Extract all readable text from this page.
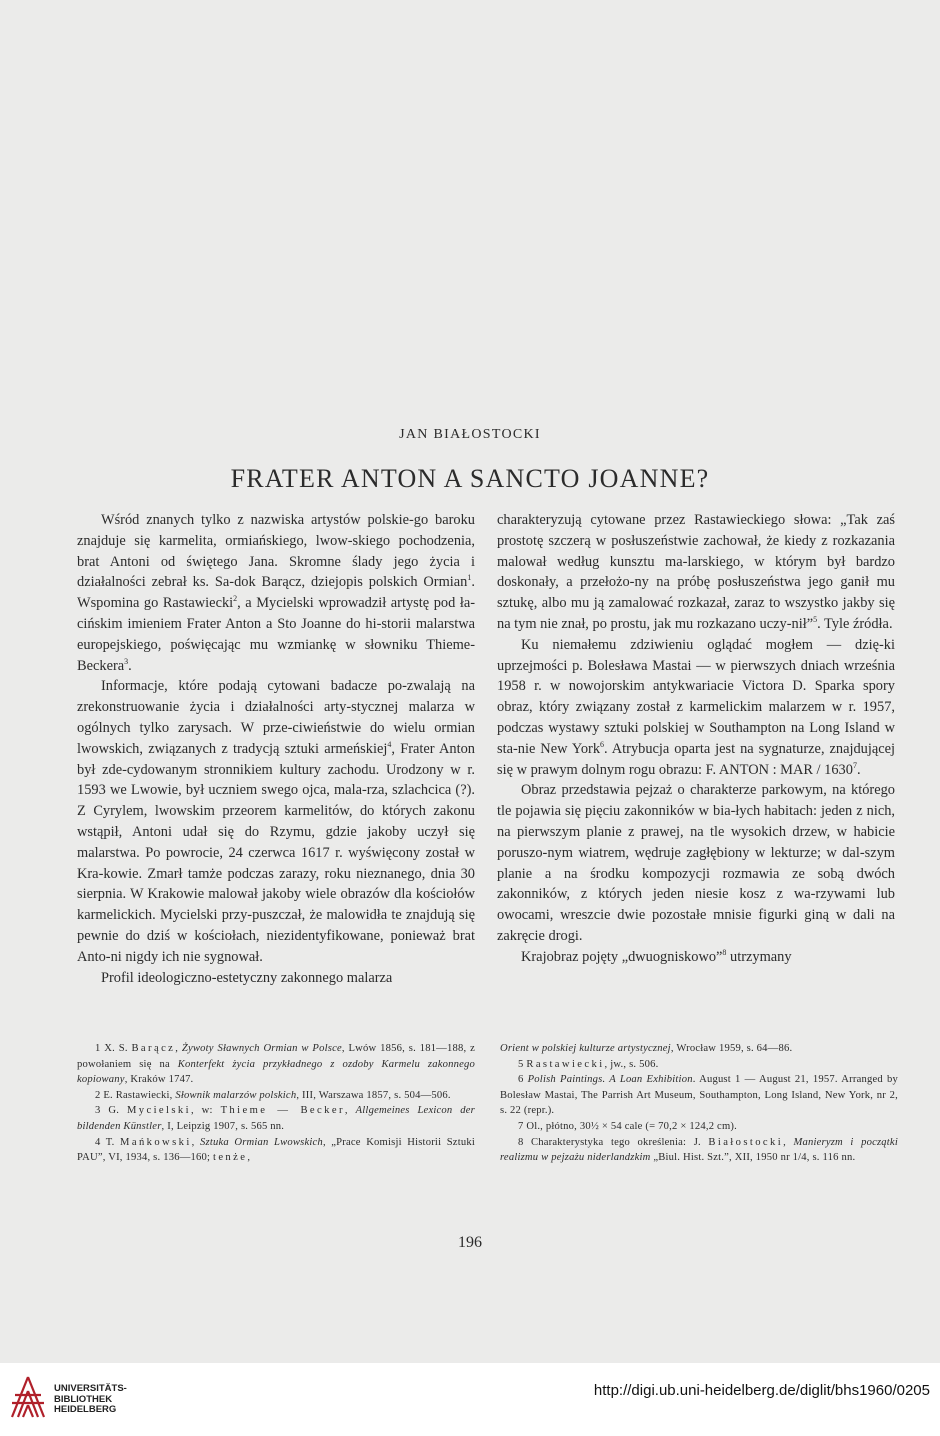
JAN BIAŁOSTOCKI
FRATER ANTON A SANCTO JOANNE?

Wśród znanych tylko z nazwiska artystów polskie-go baroku znajduje się karmelita, ormiańskiego, lwow-skiego pochodzenia, brat Antoni od świętego Jana. Skromne ślady jego życia i działalności zebrał ks. Sa-dok Barącz, dziejopis polskich Ormian$^1$. Wspomina go Rastawiecki$^2$, a Mycielski wprowadził artystę pod ła-cińskim imieniem Frater Anton a Sto Joanne do hi-storii malarstwa europejskiego, poświęcając mu wzmiankę w słowniku Thieme-Beckera$^3$.

Informacje, które podają cytowani badacze po-zwalają na zrekonstruowanie życia i działalności arty-stycznej malarza w ogólnych tylko zarysach. W prze-ciwieństwie do wielu ormian lwowskich, związanych z tradycją sztuki armeńskiej$^4$, Frater Anton był zde-cydowanym stronnikiem kultury zachodu. Urodzony w r. 1593 we Lwowie, był uczniem swego ojca, mala-rza, szlachcica (?). Z Cyrylem, lwowskim przeorem karmelitów, do których zakonu wstąpił, Antoni udał się do Rzymu, gdzie jakoby uczył się malarstwa. Po powrocie, 24 czerwca 1617 r. wyświęcony został w Kra-kowie. Zmarł tamże podczas zarazy, roku nieznanego, dnia 30 sierpnia. W Krakowie malował jakoby wiele obrazów dla kościołów karmelickich. Mycielski przy-puszczał, że malowidła te znajdują się pewnie do dziś w kościołach, niezidentyfikowane, ponieważ brat Anto-ni nigdy ich nie sygnował.

Profil ideologiczno-estetyczny zakonnego malarza

charakteryzują cytowane przez Rastawieckiego słowa: „Tak zaś prostotę szczerą w posłuszeństwie zachował, że kiedy z rozkazania malował według kunsztu ma-larskiego, w którym był bardzo doskonały, a przełożo-ny na próbę posłuszeństwa jego ganił mu sztukę, albo mu ją zamalować rozkazał, zaraz to wszystko jakby się na tym nie znał, po prostu, jak mu rozkazano uczy-nił”$^5$. Tyle źródła.

Ku niemałemu zdziwieniu oglądać mogłem — dzię-ki uprzejmości p. Bolesława Mastai — w pierwszych dniach września 1958 r. w nowojorskim antykwariacie Victora D. Sparka spory obraz, który związany został z karmelickim malarzem w r. 1957, podczas wystawy sztuki polskiej w Southampton na Long Island w sta-nie New York$^6$. Atrybucja oparta jest na sygnaturze, znajdującej się w prawym dolnym rogu obrazu: F. ANTON : MAR / 1630$^7$.

Obraz przedstawia pejzaż o charakterze parkowym, na którego tle pojawia się pięciu zakonników w bia-łych habitach: jeden z nich, na pierwszym planie z prawej, na tle wysokich drzew, w habicie poruszo-nym wiatrem, wędruje zagłębiony w lekturze; w dal-szym planie a na środku kompozycji rozmawia ze sobą dwóch zakonników, z których jeden niesie kosz z wa-rzywami lub owocami, wreszcie dwie pozostałe mnisie figurki giną w dali na zakręcie drogi.

Krajobraz pojęty „dwuogniskowo”$^8$ utrzymany

1 X. S. Barącz, Żywoty Sławnych Ormian w Polsce, Lwów 1856, s. 181—188, z powołaniem się na Konterfekt życia przykładnego z ozdoby Karmelu zakonnego kopiowany, Kraków 1747.

2 E. Rastawiecki, Słownik malarzów polskich, III, Warszawa 1857, s. 504—506.

3 G. Mycielski, w: Thieme — Becker, Allgemeines Lexicon der bildenden Künstler, I, Leipzig 1907, s. 565 nn.

4 T. Mańkowski, Sztuka Ormian Lwowskich, „Prace Komisji Historii Sztuki PAU”, VI, 1934, s. 136—160; tenże,

Orient w polskiej kulturze artystycznej, Wrocław 1959, s. 64—86.

5 Rastawiecki, jw., s. 506.

6 Polish Paintings. A Loan Exhibition. August 1 — August 21, 1957. Arranged by Bolesław Mastai, The Parrish Art Museum, Southampton, Long Island, New York, nr 2, s. 22 (repr.).

7 Ol., płótno, 30½ × 54 cale (= 70,2 × 124,2 cm).

8 Charakterystyka tego określenia: J. Białostocki, Manieryzm i początki realizmu w pejzażu niderlandzkim „Biul. Hist. Szt.”, XII, 1950 nr 1/4, s. 116 nn.

196
UNIVERSITÄTS-
BIBLIOTHEK
HEIDELBERG
http://digi.ub.uni-heidelberg.de/diglit/bhs1960/0205
